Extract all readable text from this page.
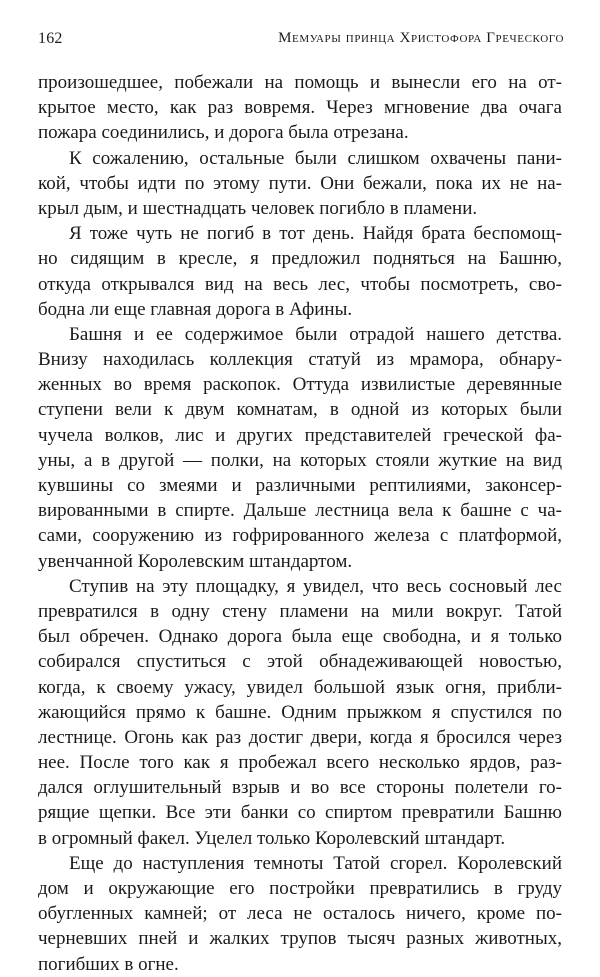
162	Мемуары принца Христофора Греческого
произошедшее, побежали на помощь и вынесли его на от-
крытое место, как раз вовремя. Через мгновение два очага
пожара соединились, и дорога была отрезана.
К сожалению, остальные были слишком охвачены пани-
кой, чтобы идти по этому пути. Они бежали, пока их не на-
крыл дым, и шестнадцать человек погибло в пламени.
Я тоже чуть не погиб в тот день. Найдя брата беспомощ-
но сидящим в кресле, я предложил подняться на Башню,
откуда открывался вид на весь лес, чтобы посмотреть, сво-
бодна ли еще главная дорога в Афины.
Башня и ее содержимое были отрадой нашего детства.
Внизу находилась коллекция статуй из мрамора, обнару-
женных во время раскопок. Оттуда извилистые деревянные
ступени вели к двум комнатам, в одной из которых были
чучела волков, лис и других представителей греческой фа-
уны, а в другой — полки, на которых стояли жуткие на вид
кувшины со змеями и различными рептилиями, законсер-
вированными в спирте. Дальше лестница вела к башне с ча-
сами, сооружению из гофрированного железа с платформой,
увенчанной Королевским штандартом.
Ступив на эту площадку, я увидел, что весь сосновый лес
превратился в одну стену пламени на мили вокруг. Татой
был обречен. Однако дорога была еще свободна, и я только
собирался спуститься с этой обнадеживающей новостью,
когда, к своему ужасу, увидел большой язык огня, прибли-
жающийся прямо к башне. Одним прыжком я спустился по
лестнице. Огонь как раз достиг двери, когда я бросился через
нее. После того как я пробежал всего несколько ярдов, раз-
дался оглушительный взрыв и во все стороны полетели го-
рящие щепки. Все эти банки со спиртом превратили Башню
в огромный факел. Уцелел только Королевский штандарт.
Еще до наступления темноты Татой сгорел. Королевский
дом и окружающие его постройки превратились в груду
обугленных камней; от леса не осталось ничего, кроме по-
черневших пней и жалких трупов тысяч разных животных,
погибших в огне.
